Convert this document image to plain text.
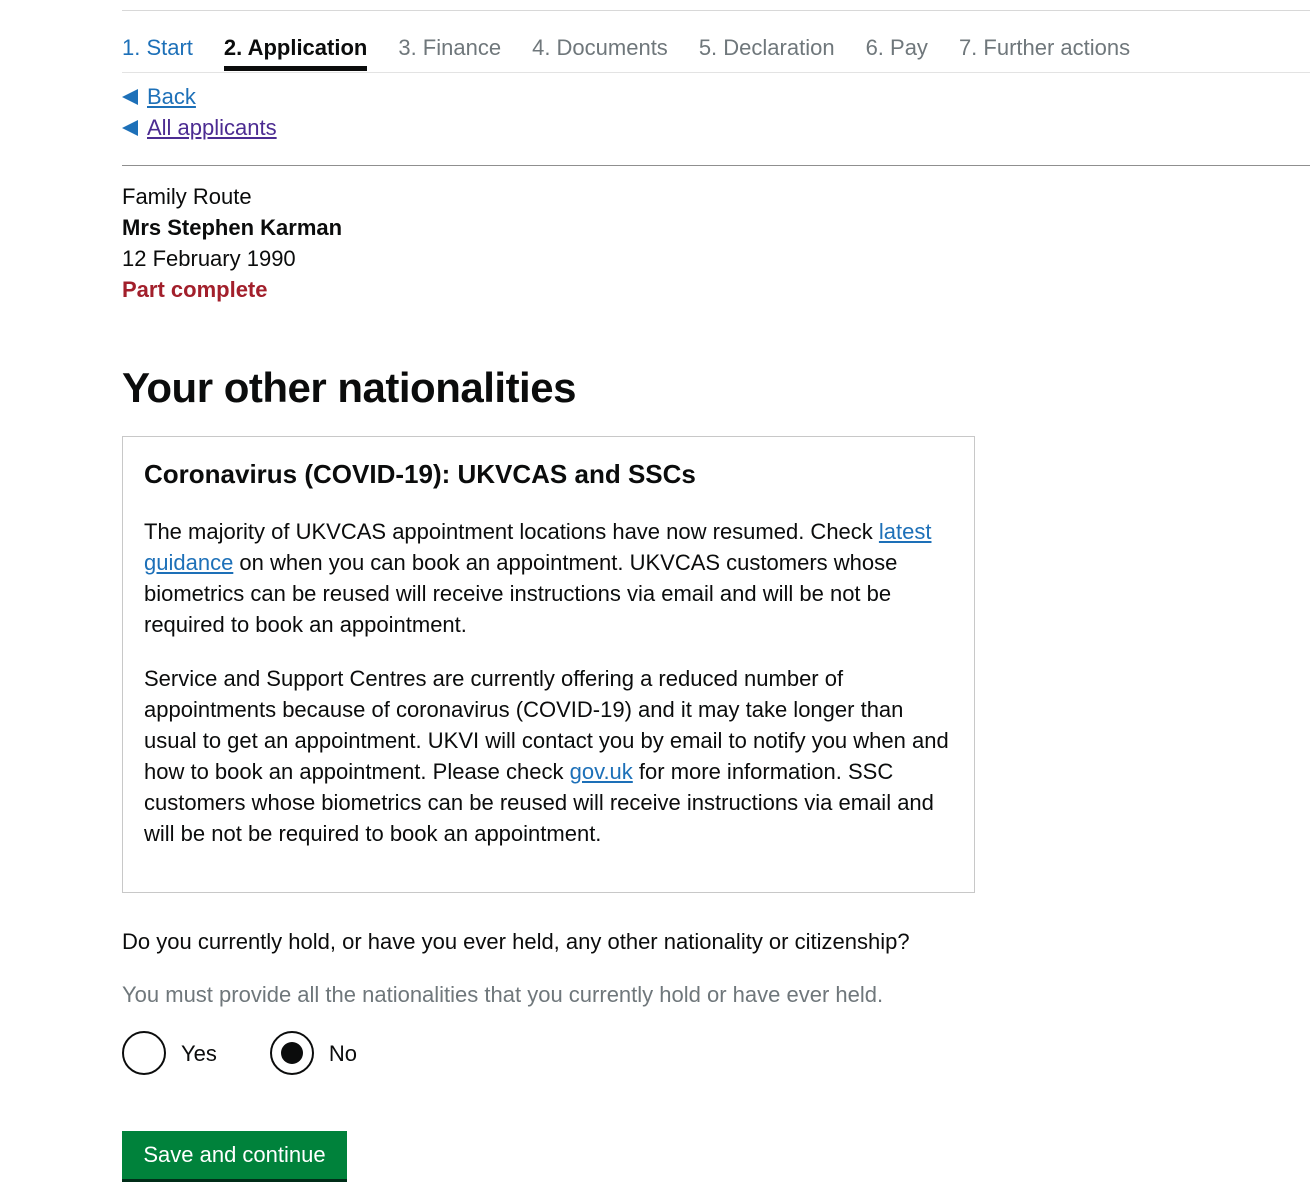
1. Start 2. Application 3. Finance 4. Documents 5. Declaration 6. Pay 7. Further actions
Back
All applicants
Family Route
Mrs Stephen Karman
12 February 1990
Part complete
Your other nationalities
Coronavirus (COVID-19): UKVCAS and SSCs

The majority of UKVCAS appointment locations have now resumed. Check latest guidance on when you can book an appointment. UKVCAS customers whose biometrics can be reused will receive instructions via email and will be not be required to book an appointment.

Service and Support Centres are currently offering a reduced number of appointments because of coronavirus (COVID-19) and it may take longer than usual to get an appointment. UKVI will contact you by email to notify you when and how to book an appointment. Please check gov.uk for more information. SSC customers whose biometrics can be reused will receive instructions via email and will be not be required to book an appointment.

Do you currently hold, or have you ever held, any other nationality or citizenship?
You must provide all the nationalities that you currently hold or have ever held.
Yes	No
Save and continue
